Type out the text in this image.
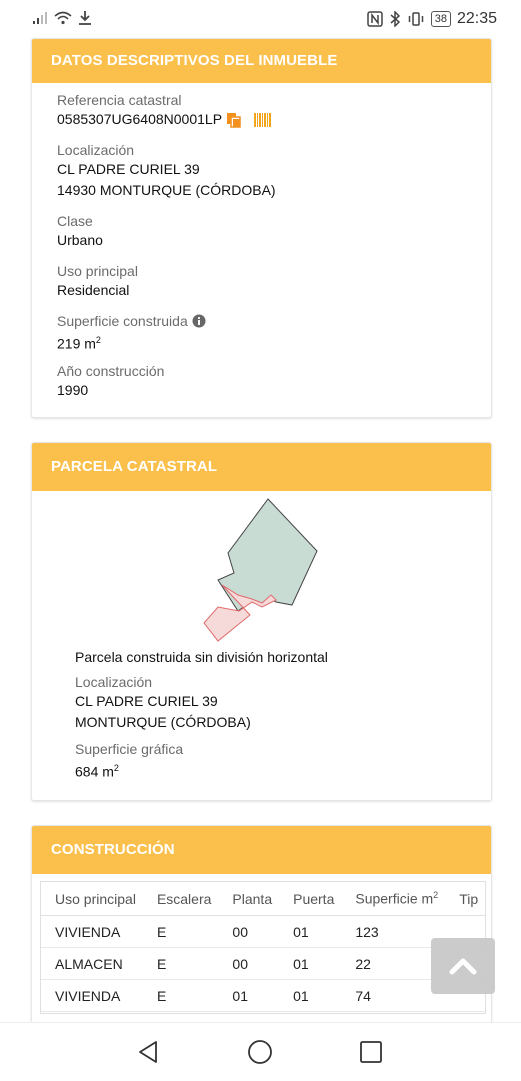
38 22:35
DATOS DESCRIPTIVOS DEL INMUEBLE
Referencia catastral
0585307UG6408N0001LP
Localización
CL PADRE CURIEL 39
14930 MONTURQUE (CÓRDOBA)
Clase
Urbano
Uso principal
Residencial
Superficie construida
219 $m^2$
Año construcción
1990
PARCELA CATASTRAL
Parcela construida sin división horizontal
Localización
CL PADRE CURIEL 39
MONTURQUE (CÓRDOBA)
Superficie gráfica
684 $m^2$
CONSTRUCCIÓN
Uso principal	Escalera	Planta	Puerta	Superficie $m^2$	Tip
VIVIENDA	E	00	01	123	
ALMACEN	E	00	01	22	
VIVIENDA	E	01	01	74	
